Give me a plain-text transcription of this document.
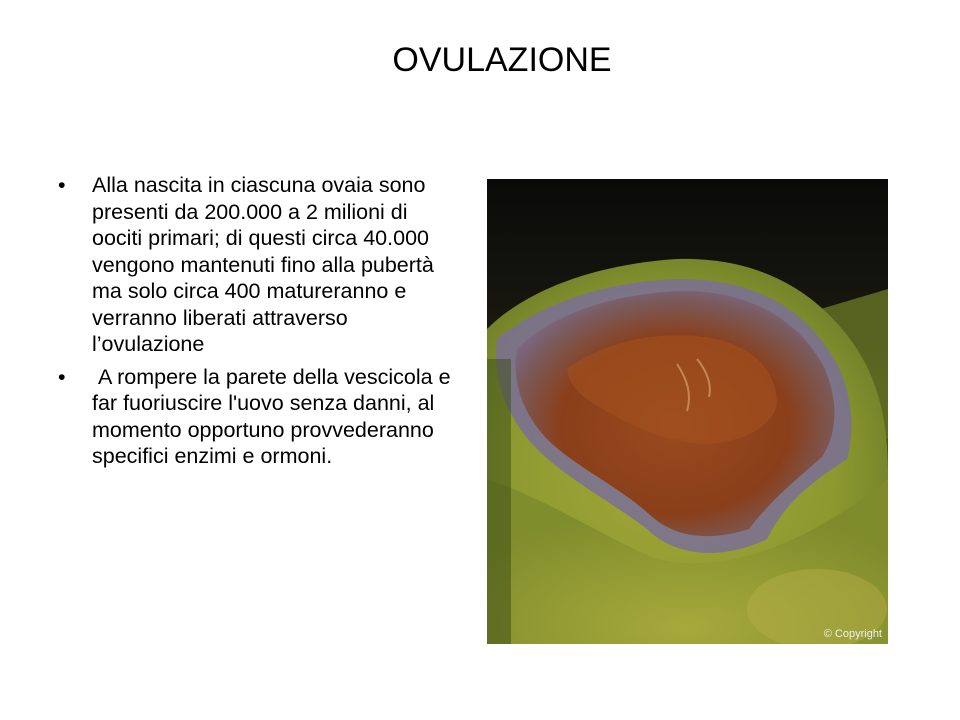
OVULAZIONE
• Alla nascita in ciascuna ovaia sono presenti da 200.000 a 2 milioni di oociti primari; di questi circa 40.000 vengono mantenuti fino alla pubertà ma solo circa 400 matureranno e verranno liberati attraverso l’ovulazione
• A rompere la parete della vescicola e far fuoriuscire l'uovo senza danni, al momento opportuno provvederanno specifici enzimi e ormoni.
© Copyright
